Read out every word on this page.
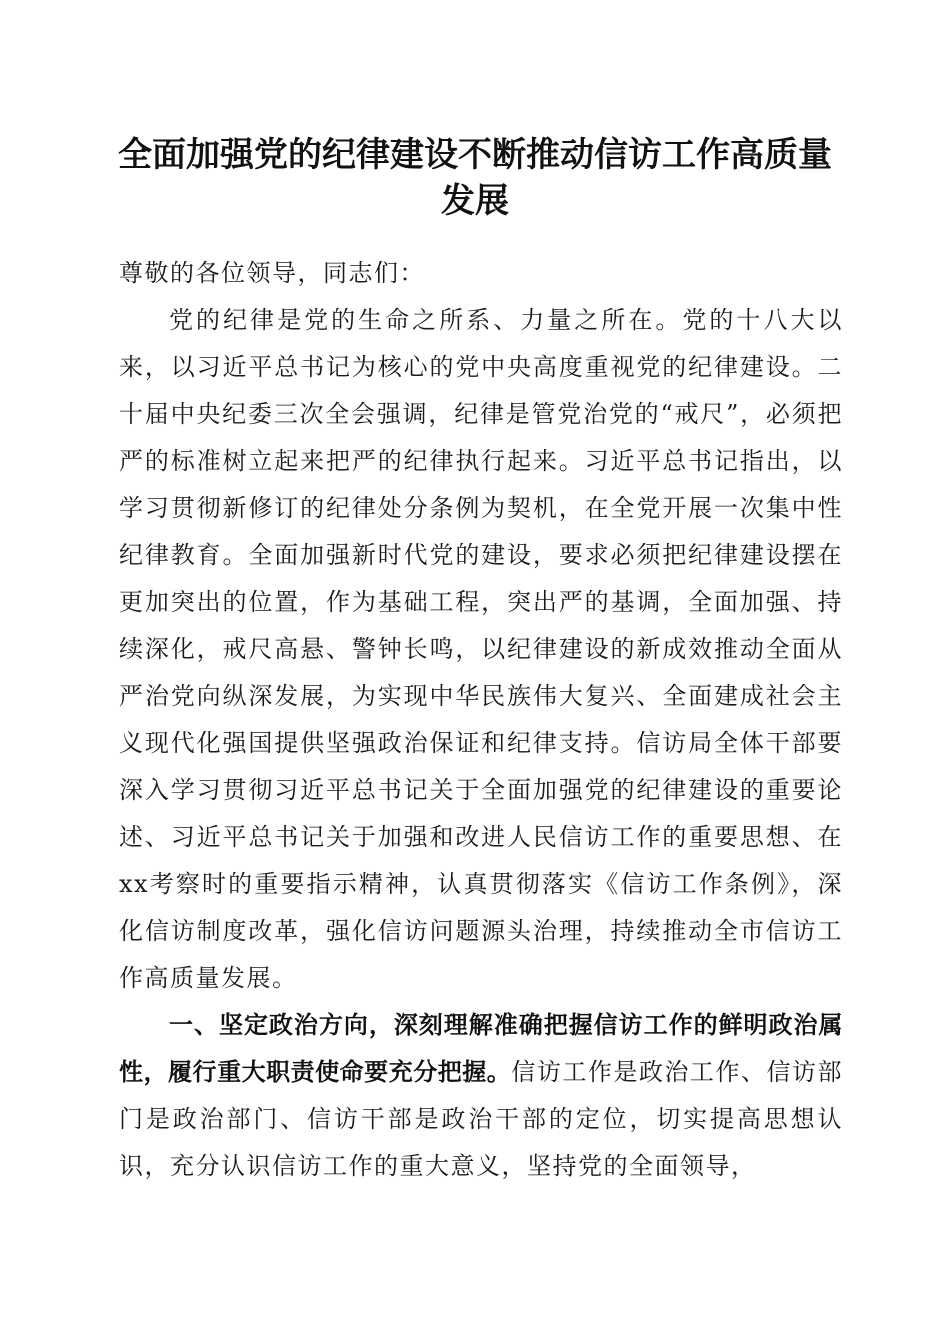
全面加强党的纪律建设不断推动信访工作高质量发展

尊敬的各位领导，同志们：

党的纪律是党的生命之所系、力量之所在。党的十八大以来，以习近平总书记为核心的党中央高度重视党的纪律建设。二十届中央纪委三次全会强调，纪律是管党治党的“戒尺”，必须把严的标准树立起来把严的纪律执行起来。习近平总书记指出，以学习贯彻新修订的纪律处分条例为契机，在全党开展一次集中性纪律教育。全面加强新时代党的建设，要求必须把纪律建设摆在更加突出的位置，作为基础工程，突出严的基调，全面加强、持续深化，戒尺高悬、警钟长鸣，以纪律建设的新成效推动全面从严治党向纵深发展，为实现中华民族伟大复兴、全面建成社会主义现代化强国提供坚强政治保证和纪律支持。信访局全体干部要深入学习贯彻习近平总书记关于全面加强党的纪律建设的重要论述、习近平总书记关于加强和改进人民信访工作的重要思想、在xx考察时的重要指示精神，认真贯彻落实《信访工作条例》，深化信访制度改革，强化信访问题源头治理，持续推动全市信访工作高质量发展。

一、坚定政治方向，深刻理解准确把握信访工作的鲜明政治属性，履行重大职责使命要充分把握。信访工作是政治工作、信访部门是政治部门、信访干部是政治干部的定位，切实提高思想认识，充分认识信访工作的重大意义，坚持党的全面领导，
